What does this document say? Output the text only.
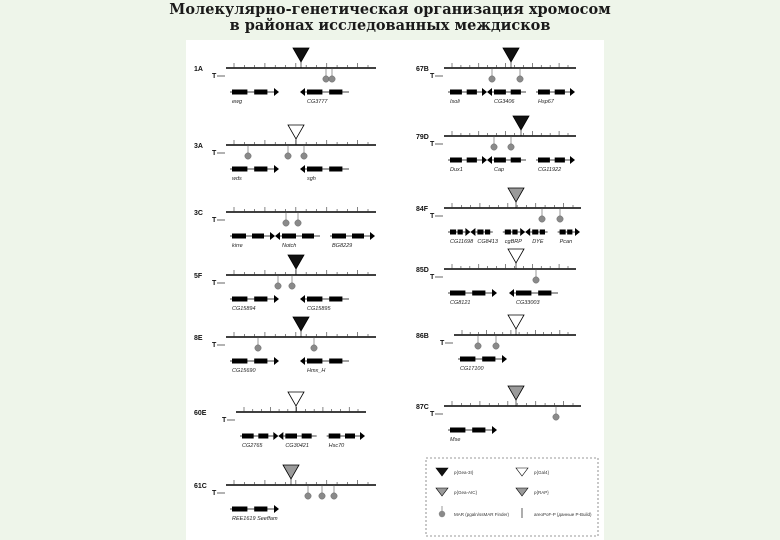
Молекулярно-генетическая организация хромосом
в районах исследованных междисков
1A
T
ewg	CG3777
3A
T
wds	sgh
3C
T
kirre	Notch	BG8229
5F
T
CG15894	CG15895
8E
T
CG15690	Hmx_H
60E
T
CG2765	CG30421	Hsc70
61C
T
REE1619 Seeffam
67B
T
Isoli	CG3406	Hsp67
79D
T
Dux1	Cap	CG11922
84F
T
CG11698 CG8413 cgBRP DYE	Pcan
85D
T
CG8121	CG33003
86B
T
CG17100
87C
T
Mse
p{Gea-3I}	p{Gal4}
p{Gea-AIC}	p{RAP}
MAR (pgaln/ssMAR Finder)	areoPoF-P (данные P-Build)
